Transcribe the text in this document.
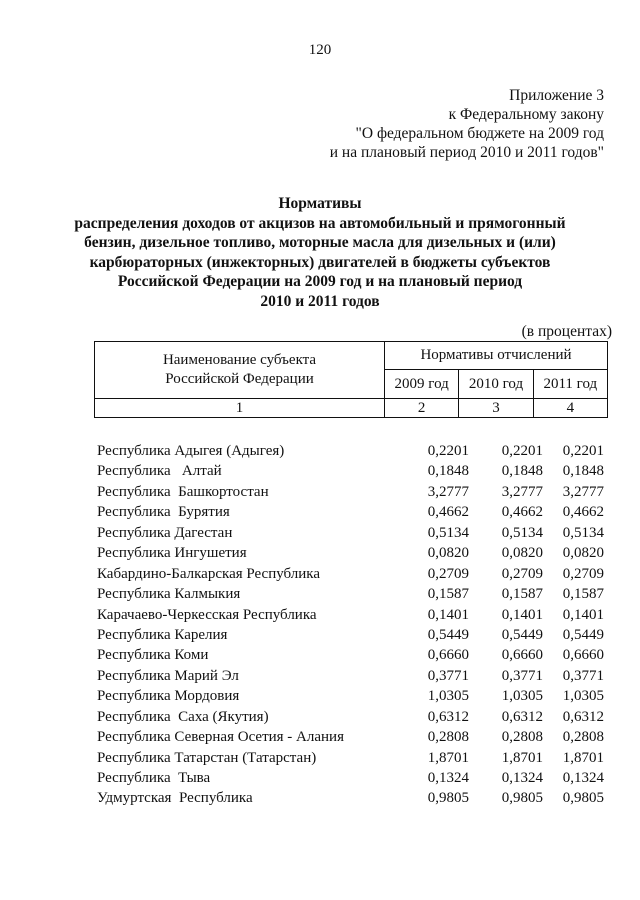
120
Приложение 3
к Федеральному закону
"О федеральном бюджете на 2009 год
и на плановый период 2010 и 2011 годов"
Нормативы
распределения доходов от акцизов на автомобильный и прямогонный
бензин, дизельное топливо, моторные масла для дизельных и (или)
карбюраторных (инжекторных) двигателей в бюджеты субъектов
Российской Федерации на 2009 год и на плановый период
2010 и 2011 годов
(в процентах)
Наименование субъекта
Российской Федерации	Нормативы отчислений		
	2009 год	2010 год	2011 год
1	2	3	4
Республика Адыгея (Адыгея)	0,2201	0,2201	0,2201
Республика   Алтай	0,1848	0,1848	0,1848
Республика  Башкортостан	3,2777	3,2777	3,2777
Республика  Бурятия	0,4662	0,4662	0,4662
Республика Дагестан	0,5134	0,5134	0,5134
Республика Ингушетия	0,0820	0,0820	0,0820
Кабардино-Балкарская Республика	0,2709	0,2709	0,2709
Республика Калмыкия	0,1587	0,1587	0,1587
Карачаево-Черкесская Республика	0,1401	0,1401	0,1401
Республика Карелия	0,5449	0,5449	0,5449
Республика Коми	0,6660	0,6660	0,6660
Республика Марий Эл	0,3771	0,3771	0,3771
Республика Мордовия	1,0305	1,0305	1,0305
Республика  Саха (Якутия)	0,6312	0,6312	0,6312
Республика Северная Осетия - Алания	0,2808	0,2808	0,2808
Республика Татарстан (Татарстан)	1,8701	1,8701	1,8701
Республика  Тыва	0,1324	0,1324	0,1324
Удмуртская  Республика	0,9805	0,9805	0,9805
